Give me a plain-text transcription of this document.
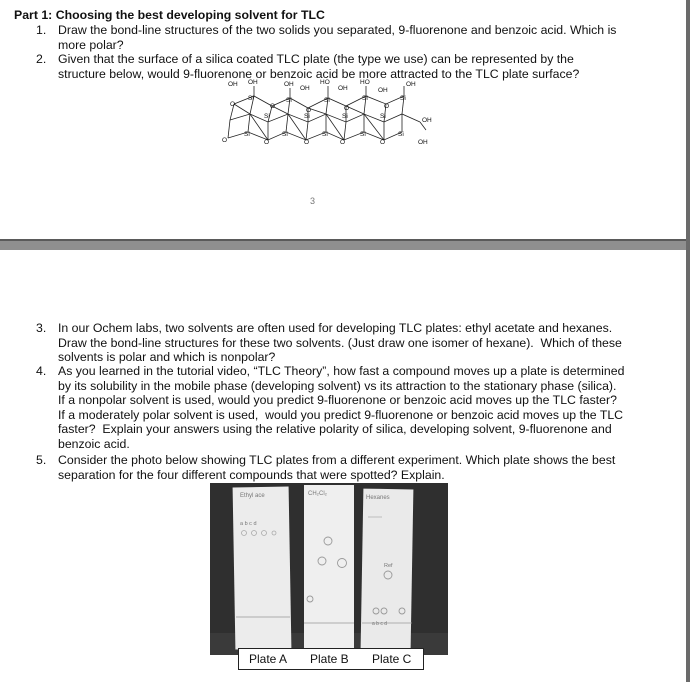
Part 1: Choosing the best developing solvent for TLC
1. Draw the bond-line structures of the two solids you separated, 9-fluorenone and benzoic acid. Which is
more polar?
2. Given that the surface of a silica coated TLC plate (the type we use) can be represented by the
structure below, would 9-fluorenone or benzoic acid be more attracted to the TLC plate surface?
OH OH	OH
OH
HO
OH
HO
OH
OH
OH
OH
Si	Si	Si	Si	Si
Si	Si	Si	Si
Si	Si	Si	Si	Si
O
O	O
O	O	O
O	O	O	O
3
3. In our Ochem labs, two solvents are often used for developing TLC plates: ethyl acetate and hexanes.
Draw the bond-line structures for these two solvents. (Just draw one isomer of hexane).  Which of these
solvents is polar and which is nonpolar?
4. As you learned in the tutorial video, “TLC Theory”, how fast a compound moves up a plate is determined
by its solubility in the mobile phase (developing solvent) vs its attraction to the stationary phase (silica).
If a nonpolar solvent is used, would you predict 9-fluorenone or benzoic acid moves up the TLC faster?
If a moderately polar solvent is used,  would you predict 9-fluorenone or benzoic acid moves up the TLC
faster?  Explain your answers using the relative polarity of silica, developing solvent, 9-fluorenone and
benzoic acid.
5. Consider the photo below showing TLC plates from a different experiment. Which plate shows the best
separation for the four different compounds that were spotted? Explain.
Ethyl ace
a b c d
CH₂Cl₂
Hexanes
Ref
a b c d
Plate A Plate B Plate C
